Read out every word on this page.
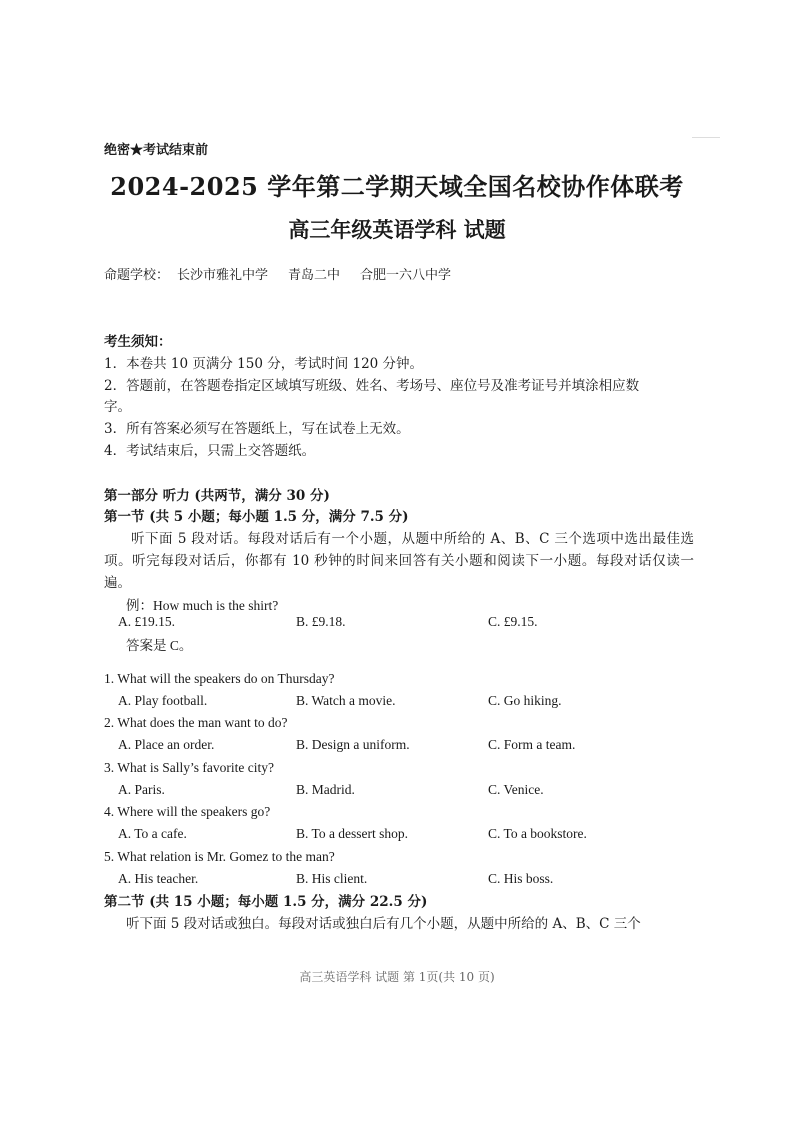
绝密★考试结束前
2024-2025 学年第二学期天域全国名校协作体联考
高三年级英语学科 试题
命题学校： 长沙市雅礼中学 青岛二中 合肥一六八中学
考生须知：
1．本卷共 10 页满分 150 分，考试时间 120 分钟。
2．答题前，在答题卷指定区域填写班级、姓名、考场号、座位号及准考证号并填涂相应数
字。
3．所有答案必须写在答题纸上，写在试卷上无效。
4．考试结束后，只需上交答题纸。
第一部分 听力 (共两节，满分 30 分)
第一节 (共 5 小题；每小题 1.5 分，满分 7.5 分)
听下面 5 段对话。每段对话后有一个小题，从题中所给的 A、B、C 三个选项中选出最佳选项。听完每段对话后，你都有 10 秒钟的时间来回答有关小题和阅读下一小题。每段对话仅读一遍。
例：How much is the shirt?
A. £19.15.	B. £9.18.	C. £9.15.
答案是 C。
1. What will the speakers do on Thursday?
A. Play football.	B. Watch a movie.	C. Go hiking.
2. What does the man want to do?
A. Place an order.	B. Design a uniform.	C. Form a team.
3. What is Sally’s favorite city?
A. Paris.	B. Madrid.	C. Venice.
4. Where will the speakers go?
A. To a cafe.	B. To a dessert shop.	C. To a bookstore.
5. What relation is Mr. Gomez to the man?
A. His teacher.	B. His client.	C. His boss.
第二节 (共 15 小题；每小题 1.5 分，满分 22.5 分)
听下面 5 段对话或独白。每段对话或独白后有几个小题，从题中所给的 A、B、C 三个
高三英语学科 试题 第 1页(共 10 页)
